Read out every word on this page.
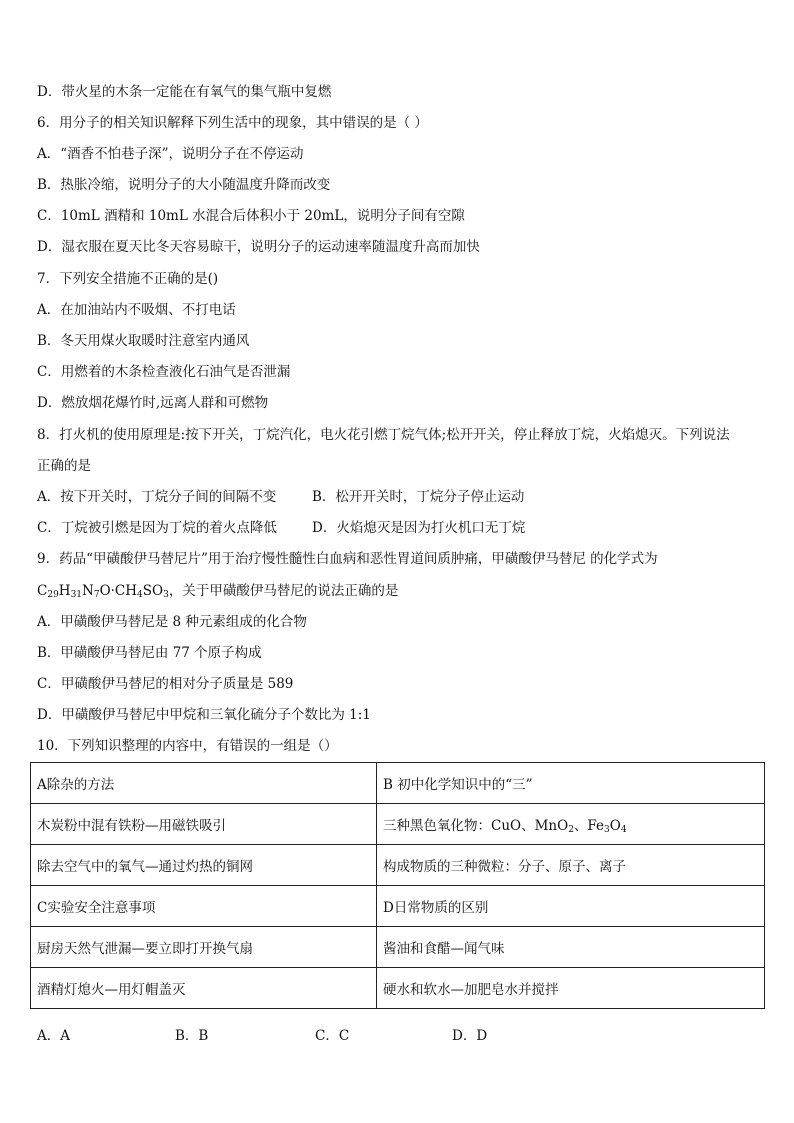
D．带火星的木条一定能在有氧气的集气瓶中复燃
6．用分子的相关知识解释下列生活中的现象，其中错误的是（ ）
A．“酒香不怕巷子深”，说明分子在不停运动
B．热胀冷缩，说明分子的大小随温度升降而改变
C．10mL 酒精和 10mL 水混合后体积小于 20mL，说明分子间有空隙
D．湿衣服在夏天比冬天容易晾干，说明分子的运动速率随温度升高而加快
7．下列安全措施不正确的是()
A．在加油站内不吸烟、不打电话
B．冬天用煤火取暖时注意室内通风
C．用燃着的木条检查液化石油气是否泄漏
D．燃放烟花爆竹时,远离人群和可燃物
8．打火机的使用原理是:按下开关，丁烷汽化，电火花引燃丁烷气体;松开开关，停止释放丁烷，火焰熄灭。下列说法
正确的是
A．按下开关时，丁烷分子间的间隔不变	B．松开开关时，丁烷分子停止运动
C．丁烷被引燃是因为丁烷的着火点降低	D．火焰熄灭是因为打火机口无丁烷
9．药品“甲磺酸伊马替尼片”用于治疗慢性髓性白血病和恶性胃道间质肿痛，甲磺酸伊马替尼 的化学式为
$C_{29}H_{31}N_7O\cdot CH_4SO_3$，关于甲磺酸伊马替尼的说法正确的是
A．甲磺酸伊马替尼是 8 种元素组成的化合物
B．甲磺酸伊马替尼由 77 个原子构成
C．甲磺酸伊马替尼的相对分子质量是 589
D．甲磺酸伊马替尼中甲烷和三氧化硫分子个数比为 1:1
10．下列知识整理的内容中，有错误的一组是（）
A除杂的方法	B 初中化学知识中的“三”
木炭粉中混有铁粉—用磁铁吸引	三种黑色氧化物：CuO、MnO$_2$、$Fe_3O_4$
除去空气中的氧气—通过灼热的铜网	构成物质的三种微粒：分子、原子、离子
C实验安全注意事项	D日常物质的区别
厨房天然气泄漏—要立即打开换气扇	酱油和食醋—闻气味
酒精灯熄火—用灯帽盖灭	硬水和软水—加肥皂水并搅拌
A．A	B．B	C．C	D．D
